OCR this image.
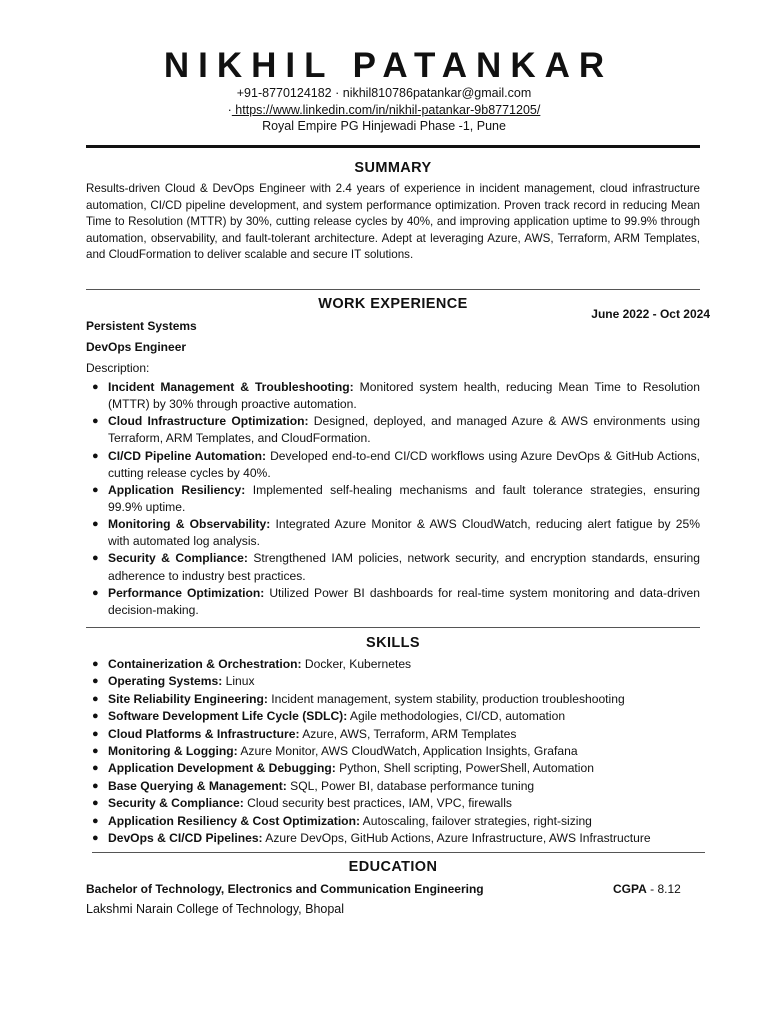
NIKHIL PATANKAR
+91-8770124182 · nikhil810786patankar@gmail.com
· https://www.linkedin.com/in/nikhil-patankar-9b8771205/
Royal Empire PG Hinjewadi Phase -1, Pune
SUMMARY
Results-driven Cloud & DevOps Engineer with 2.4 years of experience in incident management, cloud infrastructure automation, CI/CD pipeline development, and system performance optimization. Proven track record in reducing Mean Time to Resolution (MTTR) by 30%, cutting release cycles by 40%, and improving application uptime to 99.9% through automation, observability, and fault-tolerant architecture. Adept at leveraging Azure, AWS, Terraform, ARM Templates, and CloudFormation to deliver scalable and secure IT solutions.
WORK EXPERIENCE
June 2022 - Oct 2024
Persistent Systems
DevOps Engineer
Description:
● Incident Management & Troubleshooting: Monitored system health, reducing Mean Time to Resolution (MTTR) by 30% through proactive automation.
● Cloud Infrastructure Optimization: Designed, deployed, and managed Azure & AWS environments using Terraform, ARM Templates, and CloudFormation.
● CI/CD Pipeline Automation: Developed end-to-end CI/CD workflows using Azure DevOps & GitHub Actions, cutting release cycles by 40%.
● Application Resiliency: Implemented self-healing mechanisms and fault tolerance strategies, ensuring 99.9% uptime.
● Monitoring & Observability: Integrated Azure Monitor & AWS CloudWatch, reducing alert fatigue by 25% with automated log analysis.
● Security & Compliance: Strengthened IAM policies, network security, and encryption standards, ensuring adherence to industry best practices.
● Performance Optimization: Utilized Power BI dashboards for real-time system monitoring and data-driven decision-making.
SKILLS
● Containerization & Orchestration: Docker, Kubernetes
● Operating Systems: Linux
● Site Reliability Engineering: Incident management, system stability, production troubleshooting
● Software Development Life Cycle (SDLC): Agile methodologies, CI/CD, automation
● Cloud Platforms & Infrastructure: Azure, AWS, Terraform, ARM Templates
● Monitoring & Logging: Azure Monitor, AWS CloudWatch, Application Insights, Grafana
● Application Development & Debugging: Python, Shell scripting, PowerShell, Automation
● Base Querying & Management: SQL, Power BI, database performance tuning
● Security & Compliance: Cloud security best practices, IAM, VPC, firewalls
● Application Resiliency & Cost Optimization: Autoscaling, failover strategies, right-sizing
● DevOps & CI/CD Pipelines: Azure DevOps, GitHub Actions, Azure Infrastructure, AWS Infrastructure
EDUCATION
Bachelor of Technology, Electronics and Communication Engineering	CGPA - 8.12
Lakshmi Narain College of Technology, Bhopal
